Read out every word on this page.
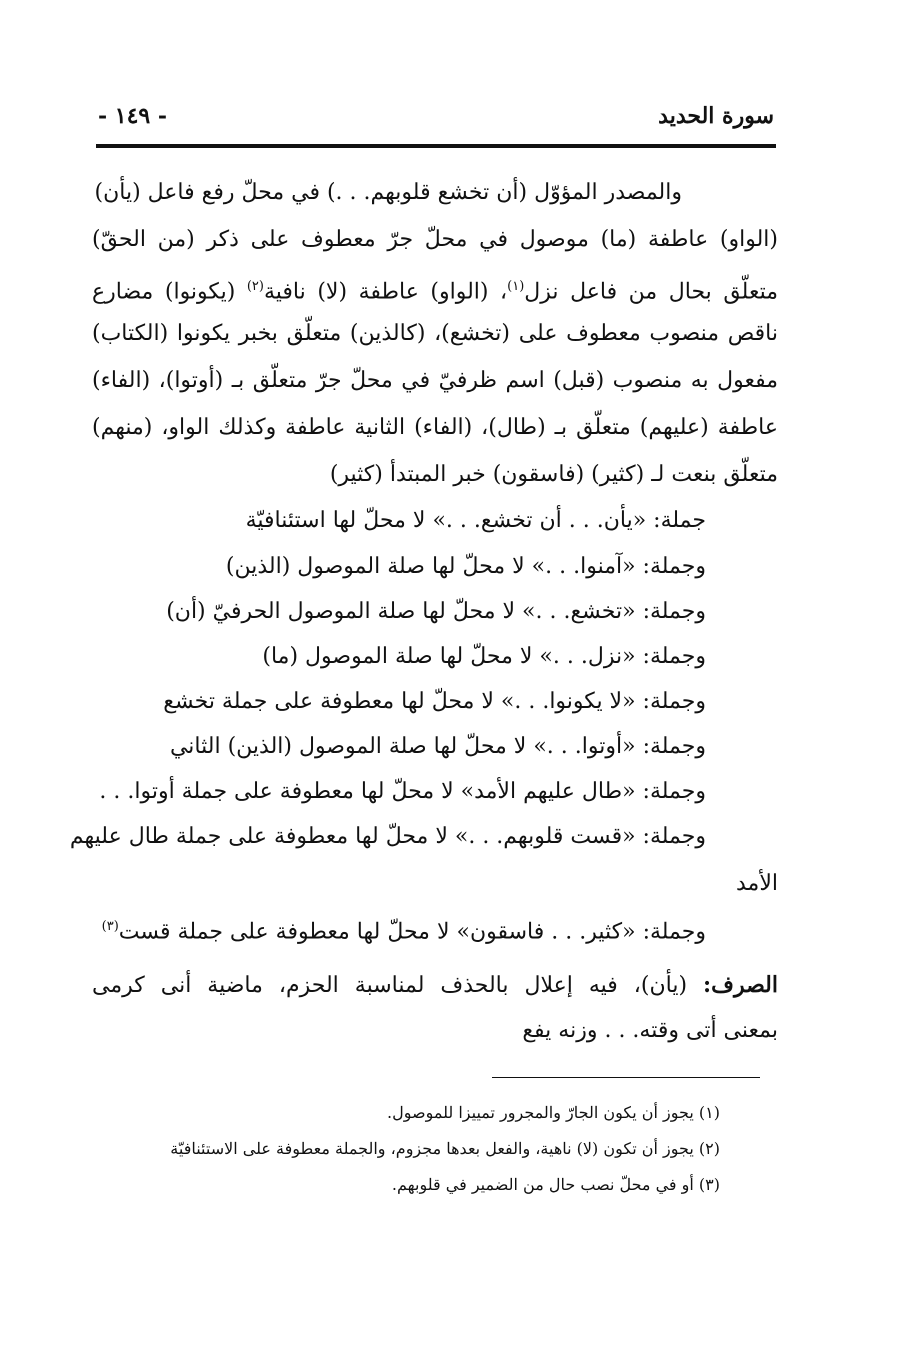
سورة الحديد
- ١٤٩ -
والمصدر المؤوّل (أن تخشع قلوبهم. . .) في محلّ رفع فاعل (يأن)
(الواو) عاطفة (ما) موصول في محلّ جرّ معطوف على ذكر (من الحقّ)
متعلّق بحال من فاعل نزل$^{(١)}$، (الواو) عاطفة (لا) نافية$^{(٢)}$ (يكونوا) مضارع
ناقص منصوب معطوف على (تخشع)، (كالذين) متعلّق بخبر يكونوا (الكتاب)
مفعول به منصوب (قبل) اسم ظرفيّ في محلّ جرّ متعلّق بـ (أوتوا)، (الفاء)
عاطفة (عليهم) متعلّق بـ (طال)، (الفاء) الثانية عاطفة وكذلك الواو، (منهم)
متعلّق بنعت لـ (كثير) (فاسقون) خبر المبتدأ (كثير)
جملة: «يأن. . . أن تخشع. . .» لا محلّ لها استئنافيّة
وجملة: «آمنوا. . .» لا محلّ لها صلة الموصول (الذين)
وجملة: «تخشع. . .» لا محلّ لها صلة الموصول الحرفيّ (أن)
وجملة: «نزل. . .» لا محلّ لها صلة الموصول (ما)
وجملة: «لا يكونوا. . .» لا محلّ لها معطوفة على جملة تخشع
وجملة: «أوتوا. . .» لا محلّ لها صلة الموصول (الذين) الثاني
وجملة: «طال عليهم الأمد» لا محلّ لها معطوفة على جملة أوتوا. . .
وجملة: «قست قلوبهم. . .» لا محلّ لها معطوفة على جملة طال عليهم
الأمد
وجملة: «كثير. . . فاسقون» لا محلّ لها معطوفة على جملة قست$^{(٣)}$
الصرف: (يأن)، فيه إعلال بالحذف لمناسبة الحزم، ماضية أنى كرمى
بمعنى أتى وقته. . . وزنه يفع
(١) يجوز أن يكون الجارّ والمجرور تمييزا للموصول.
(٢) يجوز أن تكون (لا) ناهية، والفعل بعدها مجزوم، والجملة معطوفة على الاستئنافيّة
(٣) أو في محلّ نصب حال من الضمير في قلوبهم.
